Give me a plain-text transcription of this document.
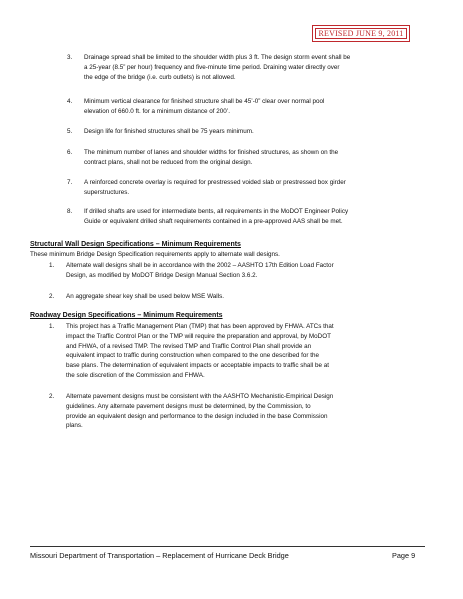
REVISED JUNE 9, 2011
3. Drainage spread shall be limited to the shoulder width plus 3 ft. The design storm event shall be

a 25-year (8.5” per hour) frequency and five-minute time period. Draining water directly over

the edge of the bridge (i.e. curb outlets) is not allowed.

4. Minimum vertical clearance for finished structure shall be 45’-0” clear over normal pool

elevation of 660.0 ft. for a minimum distance of 200’.

5. Design life for finished structures shall be 75 years minimum.

6. The minimum number of lanes and shoulder widths for finished structures, as shown on the

contract plans, shall not be reduced from the original design.

7. A reinforced concrete overlay is required for prestressed voided slab or prestressed box girder

superstructures.

8. If drilled shafts are used for intermediate bents, all requirements in the MoDOT Engineer Policy

Guide or equivalent drilled shaft requirements contained in a pre-approved AAS shall be met.

Structural Wall Design Specifications – Minimum Requirements
These minimum Bridge Design Specification requirements apply to alternate wall designs.
1. Alternate wall designs shall be in accordance with the 2002 – AASHTO 17th Edition Load Factor

Design, as modified by MoDOT Bridge Design Manual Section 3.6.2.

2. An aggregate shear key shall be used below MSE Walls.

Roadway Design Specifications – Minimum Requirements
1. This project has a Traffic Management Plan (TMP) that has been approved by FHWA. ATCs that

impact the Traffic Control Plan or the TMP will require the preparation and approval, by MoDOT

and FHWA, of a revised TMP. The revised TMP and Traffic Control Plan shall provide an

equivalent impact to traffic during construction when compared to the one described for the

base plans. The determination of equivalent impacts or acceptable impacts to traffic shall be at

the sole discretion of the Commission and FHWA.

2. Alternate pavement designs must be consistent with the AASHTO Mechanistic-Empirical Design

guidelines. Any alternate pavement designs must be determined, by the Commission, to

provide an equivalent design and performance to the design included in the base Commission

plans.

Missouri Department of Transportation – Replacement of Hurricane Deck Bridge	Page 9
